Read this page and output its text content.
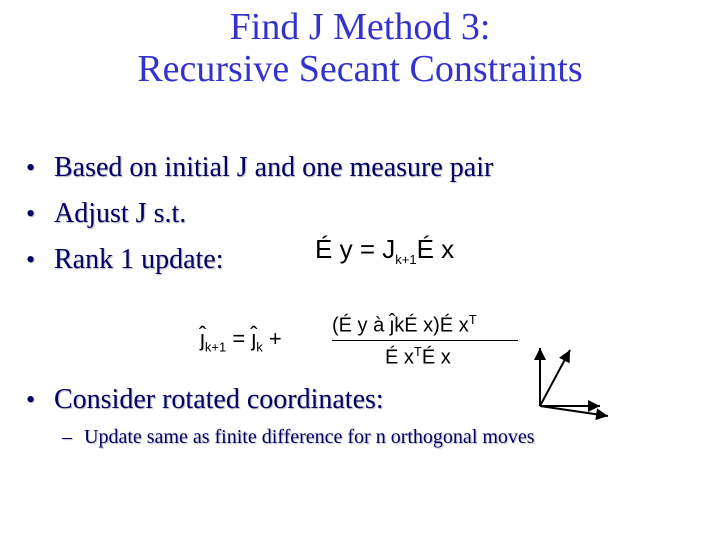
Find J Method 3:
Recursive Secant Constraints
• Based on initial J and one measure pair
• Adjust J s.t.
• Rank 1 update:	É $y = J_{k+1}É$ x
$ȷ̂_{k+1}$ = $ȷ̂_k$ +
(É y à ȷ̂kÉ x)É $x^T$
É $x^TÉ$ x
• Consider rotated coordinates:
– Update same as finite difference for n orthogonal moves
